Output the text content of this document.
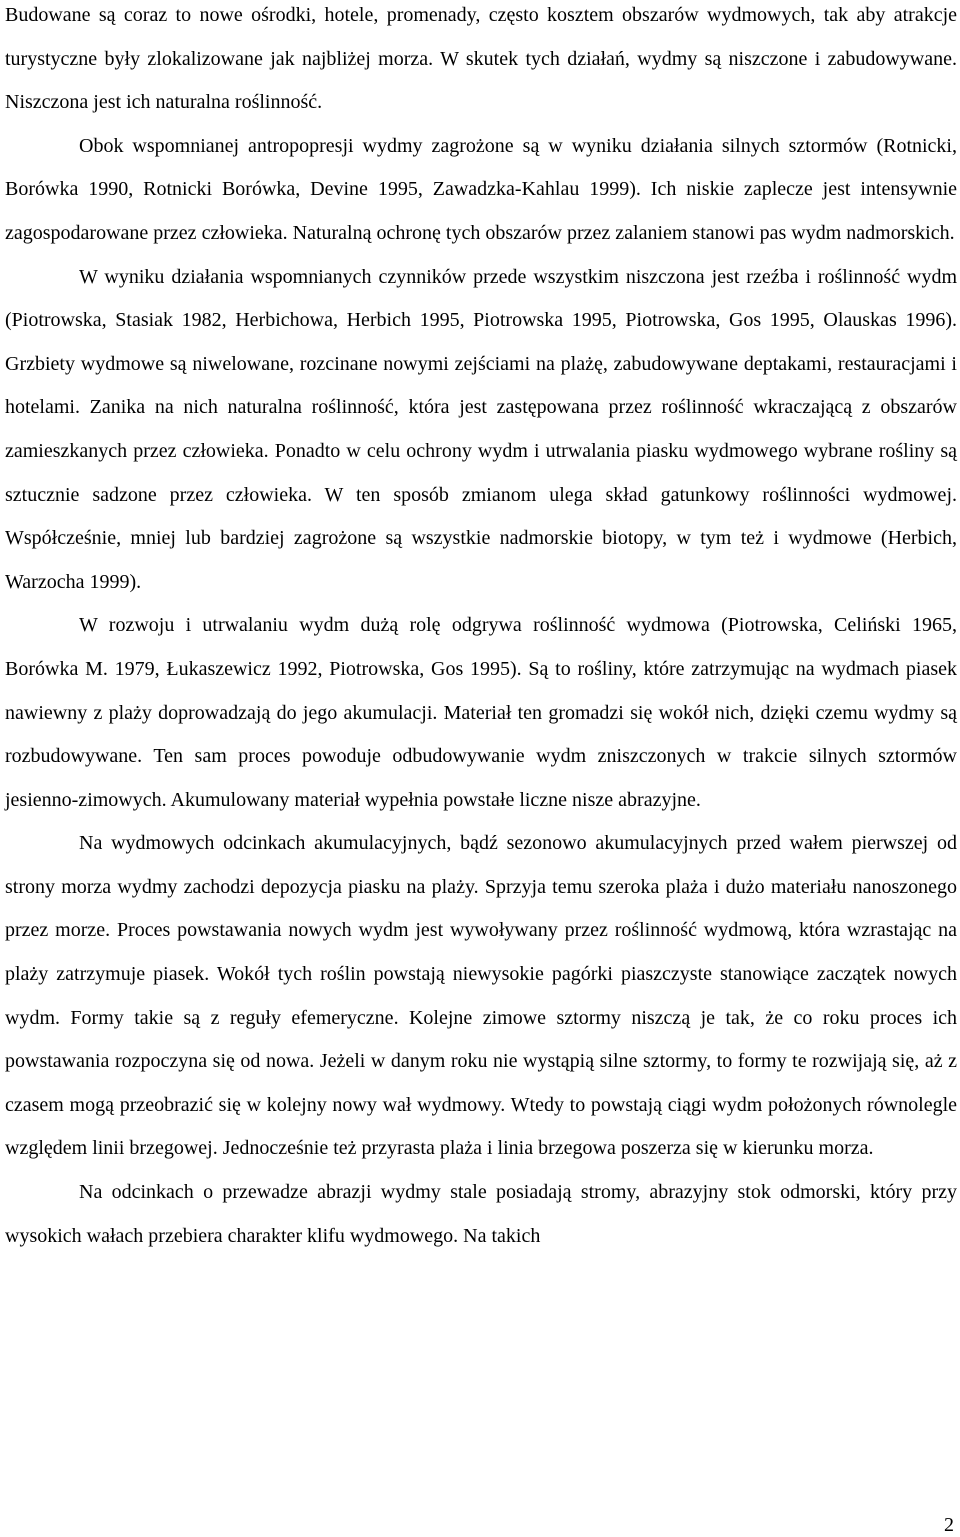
Budowane są coraz to nowe ośrodki, hotele, promenady, często kosztem obszarów wydmowych, tak aby atrakcje turystyczne były zlokalizowane jak najbliżej morza. W skutek tych działań, wydmy są niszczone i zabudowywane. Niszczona jest ich naturalna roślinność.

Obok wspomnianej antropopresji wydmy zagrożone są w wyniku działania silnych sztormów (Rotnicki, Borówka 1990, Rotnicki Borówka, Devine 1995, Zawadzka-Kahlau 1999). Ich niskie zaplecze jest intensywnie zagospodarowane przez człowieka. Naturalną ochronę tych obszarów przez zalaniem stanowi pas wydm nadmorskich.

W wyniku działania wspomnianych czynników przede wszystkim niszczona jest rzeźba i roślinność wydm (Piotrowska, Stasiak 1982, Herbichowa, Herbich 1995, Piotrowska 1995, Piotrowska, Gos 1995, Olauskas 1996). Grzbiety wydmowe są niwelowane, rozcinane nowymi zejściami na plażę, zabudowywane deptakami, restauracjami i hotelami. Zanika na nich naturalna roślinność, która jest zastępowana przez roślinność wkraczającą z obszarów zamieszkanych przez człowieka. Ponadto w celu ochrony wydm i utrwalania piasku wydmowego wybrane rośliny są sztucznie sadzone przez człowieka. W ten sposób zmianom ulega skład gatunkowy roślinności wydmowej. Współcześnie, mniej lub bardziej zagrożone są wszystkie nadmorskie biotopy, w tym też i wydmowe (Herbich, Warzocha 1999).

W rozwoju i utrwalaniu wydm dużą rolę odgrywa roślinność wydmowa (Piotrowska, Celiński 1965, Borówka M. 1979, Łukaszewicz 1992, Piotrowska, Gos 1995). Są to rośliny, które zatrzymując na wydmach piasek nawiewny z plaży doprowadzają do jego akumulacji. Materiał ten gromadzi się wokół nich, dzięki czemu wydmy są rozbudowywane. Ten sam proces powoduje odbudowywanie wydm zniszczonych w trakcie silnych sztormów jesienno-zimowych. Akumulowany materiał wypełnia powstałe liczne nisze abrazyjne.

Na wydmowych odcinkach akumulacyjnych, bądź sezonowo akumulacyjnych przed wałem pierwszej od strony morza wydmy zachodzi depozycja piasku na plaży. Sprzyja temu szeroka plaża i dużo materiału nanoszonego przez morze. Proces powstawania nowych wydm jest wywoływany przez roślinność wydmową, która wzrastając na plaży zatrzymuje piasek. Wokół tych roślin powstają niewysokie pagórki piaszczyste stanowiące zaczątek nowych wydm. Formy takie są z reguły efemeryczne. Kolejne zimowe sztormy niszczą je tak, że co roku proces ich powstawania rozpoczyna się od nowa. Jeżeli w danym roku nie wystąpią silne sztormy, to formy te rozwijają się, aż z czasem mogą przeobrazić się w kolejny nowy wał wydmowy. Wtedy to powstają ciągi wydm położonych równolegle względem linii brzegowej. Jednocześnie też przyrasta plaża i linia brzegowa poszerza się w kierunku morza.

Na odcinkach o przewadze abrazji wydmy stale posiadają stromy, abrazyjny stok odmorski, który przy wysokich wałach przebiera charakter klifu wydmowego. Na takich

2
